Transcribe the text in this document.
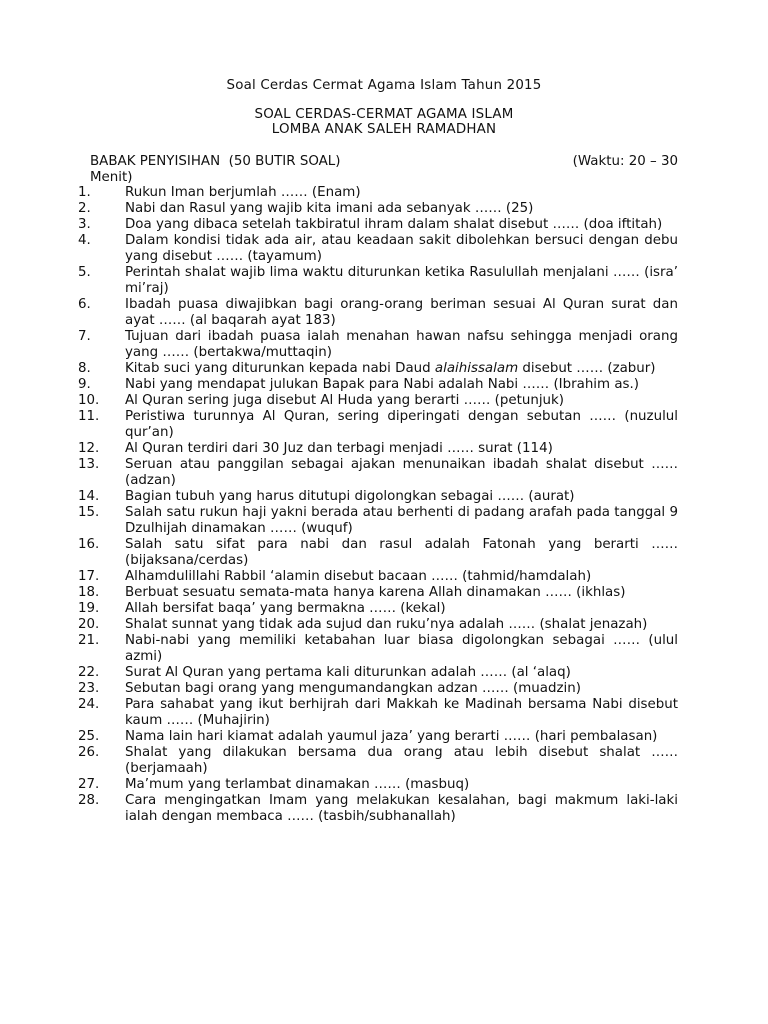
Soal Cerdas Cermat Agama Islam Tahun 2015
SOAL CERDAS-CERMAT AGAMA ISLAM
LOMBA ANAK SALEH RAMADHAN
BABAK PENYISIHAN  (50 BUTIR SOAL)	(Waktu: 20 – 30
Menit)
1.	Rukun Iman berjumlah …… (Enam)
2.	Nabi dan Rasul yang wajib kita imani ada sebanyak …… (25)
3.	Doa yang dibaca setelah takbiratul ihram dalam shalat disebut …… (doa iftitah)
4.	Dalam kondisi tidak ada air, atau keadaan sakit dibolehkan bersuci dengan debu yang disebut …… (tayamum)
5.	Perintah shalat wajib lima waktu diturunkan ketika Rasulullah menjalani …… (isra’ mi’raj)
6.	Ibadah puasa diwajibkan bagi orang-orang beriman sesuai Al Quran surat dan ayat …… (al baqarah ayat 183)
7.	Tujuan dari ibadah puasa ialah menahan hawan nafsu sehingga menjadi orang yang …… (bertakwa/muttaqin)
8.	Kitab suci yang diturunkan kepada nabi Daud alaihissalam disebut …… (zabur)
9.	Nabi yang mendapat julukan Bapak para Nabi adalah Nabi …… (Ibrahim as.)
10.	Al Quran sering juga disebut Al Huda yang berarti …… (petunjuk)
11.	Peristiwa turunnya Al Quran, sering diperingati dengan sebutan …… (nuzulul qur’an)
12.	Al Quran terdiri dari 30 Juz dan terbagi menjadi …… surat (114)
13.	Seruan atau panggilan sebagai ajakan menunaikan ibadah shalat disebut …… (adzan)
14.	Bagian tubuh yang harus ditutupi digolongkan sebagai …… (aurat)
15.	Salah satu rukun haji yakni berada atau berhenti di padang arafah pada tanggal 9 Dzulhijah dinamakan …… (wuquf)
16.	Salah satu sifat para nabi dan rasul adalah Fatonah yang berarti …… (bijaksana/cerdas)
17.	Alhamdulillahi Rabbil ‘alamin disebut bacaan …… (tahmid/hamdalah)
18.	Berbuat sesuatu semata-mata hanya karena Allah dinamakan …… (ikhlas)
19.	Allah bersifat baqa’ yang bermakna …… (kekal)
20.	Shalat sunnat yang tidak ada sujud dan ruku’nya adalah …… (shalat jenazah)
21.	Nabi-nabi yang memiliki ketabahan luar biasa digolongkan sebagai …… (ulul azmi)
22.	Surat Al Quran yang pertama kali diturunkan adalah …… (al ‘alaq)
23.	Sebutan bagi orang yang mengumandangkan adzan …… (muadzin)
24.	Para sahabat yang ikut berhijrah dari Makkah ke Madinah bersama Nabi disebut kaum …… (Muhajirin)
25.	Nama lain hari kiamat adalah yaumul jaza’ yang berarti …… (hari pembalasan)
26.	Shalat yang dilakukan bersama dua orang atau lebih disebut shalat …… (berjamaah)
27.	Ma’mum yang terlambat dinamakan …… (masbuq)
28.	Cara mengingatkan Imam yang melakukan kesalahan, bagi makmum laki-laki ialah dengan membaca …… (tasbih/subhanallah)
